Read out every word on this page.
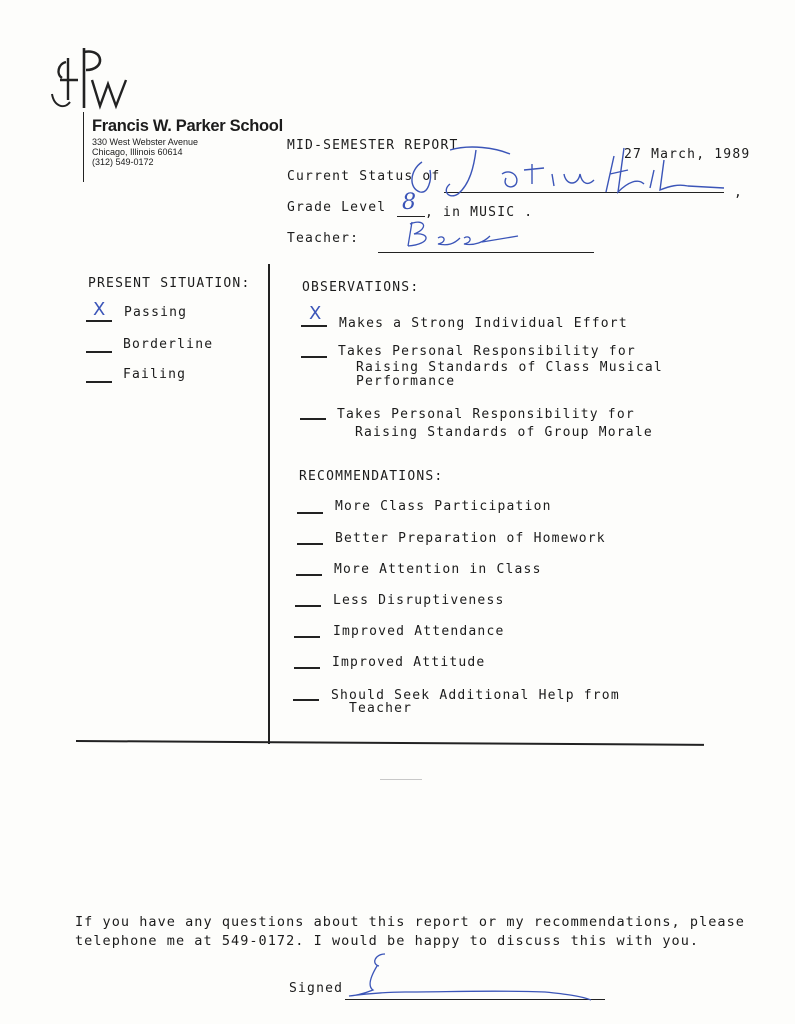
Francis W. Parker School
330 West Webster Avenue
Chicago, Illinois 60614
(312) 549-0172
MID-SEMESTER REPORT
27 March, 1989
Current Status of
,
Grade Level 8 , in MUSIC .
Teacher:
PRESENT SITUATION:
X Passing
Borderline
Failing
OBSERVATIONS:
X Makes a Strong Individual Effort
Takes Personal Responsibility for
Raising Standards of Class Musical
Performance
Takes Personal Responsibility for
Raising Standards of Group Morale
RECOMMENDATIONS:
More Class Participation
Better Preparation of Homework
More Attention in Class
Less Disruptiveness
Improved Attendance
Improved Attitude
Should Seek Additional Help from
Teacher
If you have any questions about this report or my recommendations, please
telephone me at 549-0172. I would be happy to discuss this with you.
Signed
